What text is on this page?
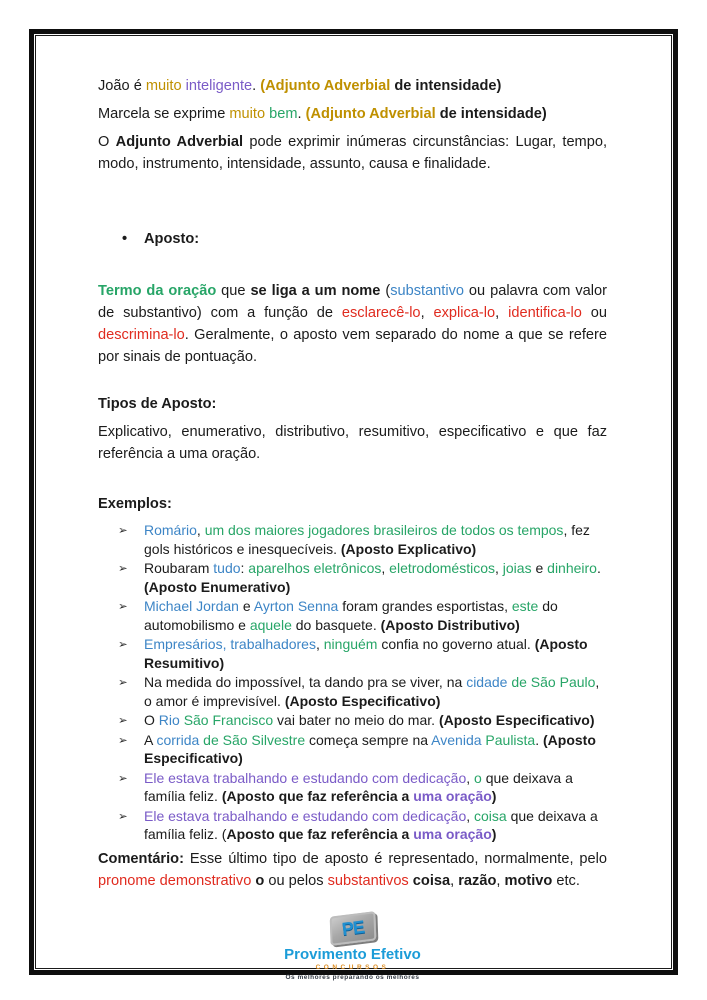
João é muito inteligente. (Adjunto Adverbial de intensidade)
Marcela se exprime muito bem. (Adjunto Adverbial de intensidade)
O Adjunto Adverbial pode exprimir inúmeras circunstâncias: Lugar, tempo, modo, instrumento, intensidade, assunto, causa e finalidade.
• Aposto:
Termo da oração que se liga a um nome (substantivo ou palavra com valor de substantivo) com a função de esclarecê-lo, explica-lo, identifica-lo ou descrimina-lo. Geralmente, o aposto vem separado do nome a que se refere por sinais de pontuação.
Tipos de Aposto:
Explicativo, enumerativo, distributivo, resumitivo, especificativo e que faz referência a uma oração.
Exemplos:
➢ Romário, um dos maiores jogadores brasileiros de todos os tempos, fez gols históricos e inesquecíveis. (Aposto Explicativo)
➢ Roubaram tudo: aparelhos eletrônicos, eletrodomésticos, joias e dinheiro. (Aposto Enumerativo)
➢ Michael Jordan e Ayrton Senna foram grandes esportistas, este do automobilismo e aquele do basquete. (Aposto Distributivo)
➢ Empresários, trabalhadores, ninguém confia no governo atual. (Aposto Resumitivo)
➢ Na medida do impossível, ta dando pra se viver, na cidade de São Paulo, o amor é imprevisível. (Aposto Especificativo)
➢ O Rio São Francisco vai bater no meio do mar. (Aposto Especificativo)
➢ A corrida de São Silvestre começa sempre na Avenida Paulista. (Aposto Especificativo)
➢ Ele estava trabalhando e estudando com dedicação, o que deixava a família feliz. (Aposto que faz referência a uma oração)
➢ Ele estava trabalhando e estudando com dedicação, coisa que deixava a família feliz. (Aposto que faz referência a uma oração)
Comentário: Esse último tipo de aposto é representado, normalmente, pelo pronome demonstrativo o ou pelos substantivos coisa, razão, motivo etc.
PE
Provimento Efetivo
CONCURSOS
Os melhores preparando os melhores
